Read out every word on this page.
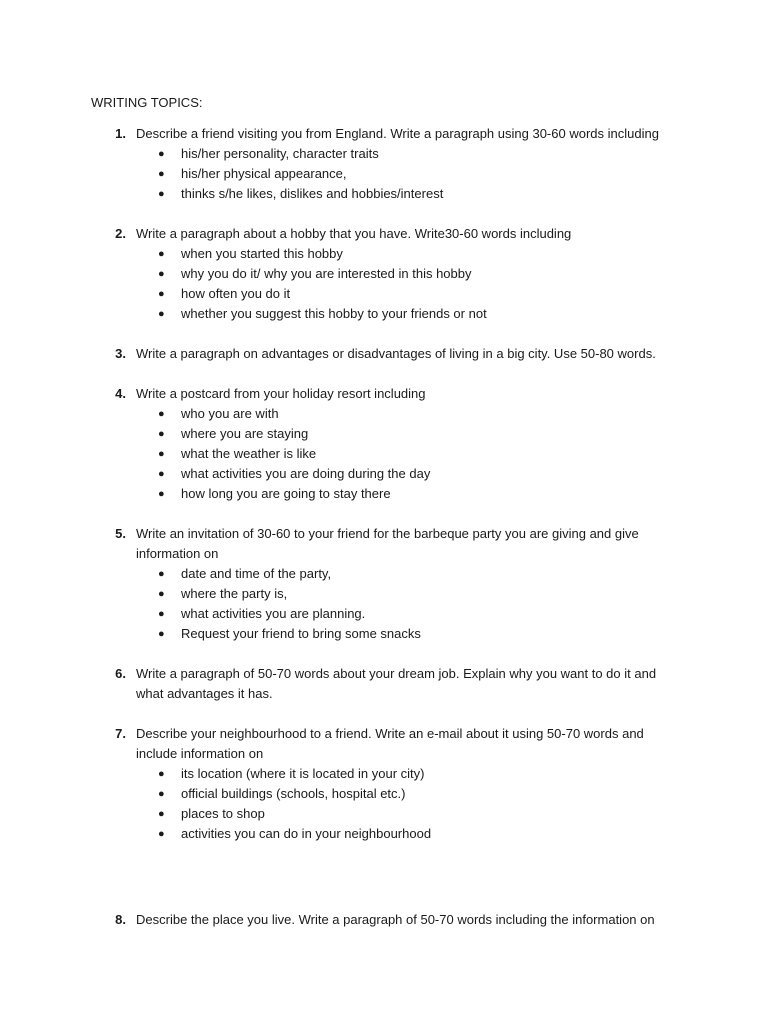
WRITING TOPICS:
1. Describe a friend visiting you from England. Write a paragraph using 30-60 words including
● his/her personality, character traits
● his/her physical appearance,
● thinks s/he likes, dislikes and hobbies/interest
2. Write a paragraph about a hobby that you have. Write30-60 words including
● when you started this hobby
● why you do it/ why you are interested in this hobby
● how often you do it
● whether you suggest this hobby to your friends or not
3. Write a paragraph on advantages or disadvantages of living in a big city. Use 50-80 words.
4. Write a postcard from your holiday resort including
● who you are with
● where you are staying
● what the weather is like
● what activities you are doing during the day
● how long you are going to stay there
5. Write an invitation of 30-60 to your friend for the barbeque party you are giving and give
information on
● date and time of the party,
● where the party is,
● what activities you are planning.
● Request your friend to bring some snacks
6. Write a paragraph of 50-70 words about your dream job. Explain why you want to do it and
what advantages it has.
7. Describe your neighbourhood to a friend. Write an e-mail about it using 50-70 words and
include information on
● its location (where it is located in your city)
● official buildings (schools, hospital etc.)
● places to shop
● activities you can do in your neighbourhood
8. Describe the place you live. Write a paragraph of 50-70 words including the information on
